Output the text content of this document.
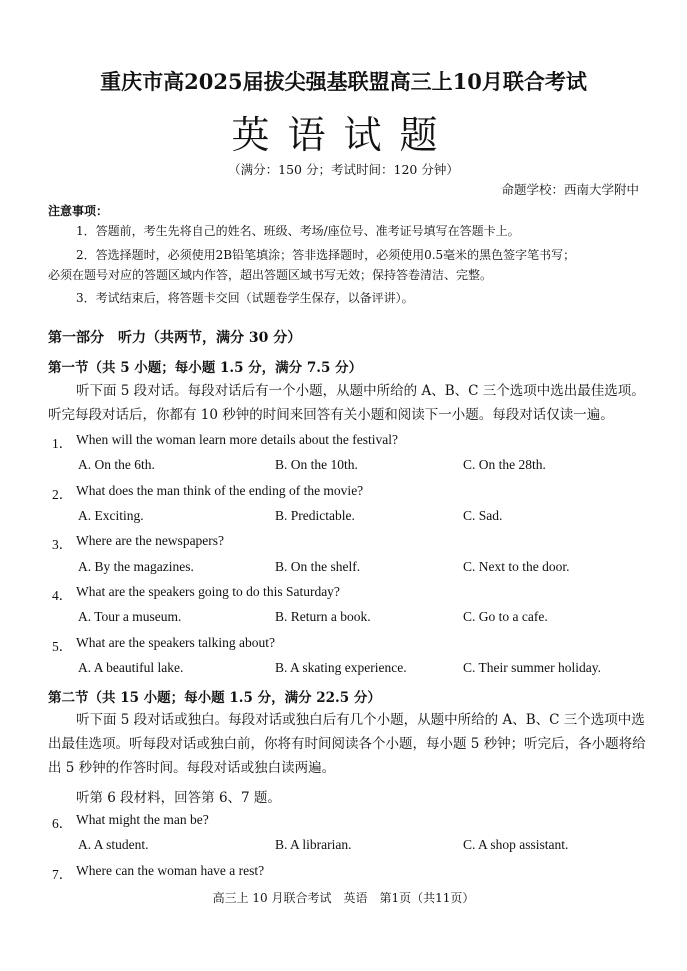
重庆市高2025届拔尖强基联盟高三上10月联合考试
英语试题
（满分：150 分；考试时间：120 分钟）
命题学校：西南大学附中
注意事项：
1．答题前，考生先将自己的姓名、班级、考场/座位号、准考证号填写在答题卡上。
2．答选择题时，必须使用2B铅笔填涂；答非选择题时，必须使用0.5毫米的黑色签字笔书写；
必须在题号对应的答题区域内作答，超出答题区域书写无效；保持答卷清洁、完整。
3．考试结束后，将答题卡交回（试题卷学生保存，以备评讲）。
第一部分　听力（共两节，满分 30 分）
第一节（共 5 小题；每小题 1.5 分，满分 7.5 分）
听下面 5 段对话。每段对话后有一个小题，从题中所给的 A、B、C 三个选项中选出最佳选项。听完每段对话后，你都有 10 秒钟的时间来回答有关小题和阅读下一小题。每段对话仅读一遍。
1． When will the woman learn more details about the festival?
A. On the 6th.	B. On the 10th.	C. On the 28th.
2． What does the man think of the ending of the movie?
A. Exciting.	B. Predictable.	C. Sad.
3． Where are the newspapers?
A. By the magazines.	B. On the shelf.	C. Next to the door.
4． What are the speakers going to do this Saturday?
A. Tour a museum.	B. Return a book.	C. Go to a cafe.
5． What are the speakers talking about?
A. A beautiful lake.	B. A skating experience.	C. Their summer holiday.
第二节（共 15 小题；每小题 1.5 分，满分 22.5 分）
听下面 5 段对话或独白。每段对话或独白后有几个小题，从题中所给的 A、B、C 三个选项中选出最佳选项。听每段对话或独白前，你将有时间阅读各个小题，每小题 5 秒钟；听完后，各小题将给出 5 秒钟的作答时间。每段对话或独白读两遍。
听第 6 段材料，回答第 6、7 题。
6． What might the man be?
A. A student.	B. A librarian.	C. A shop assistant.
7． Where can the woman have a rest?
高三上 10 月联合考试　英语　第1页（共11页）
